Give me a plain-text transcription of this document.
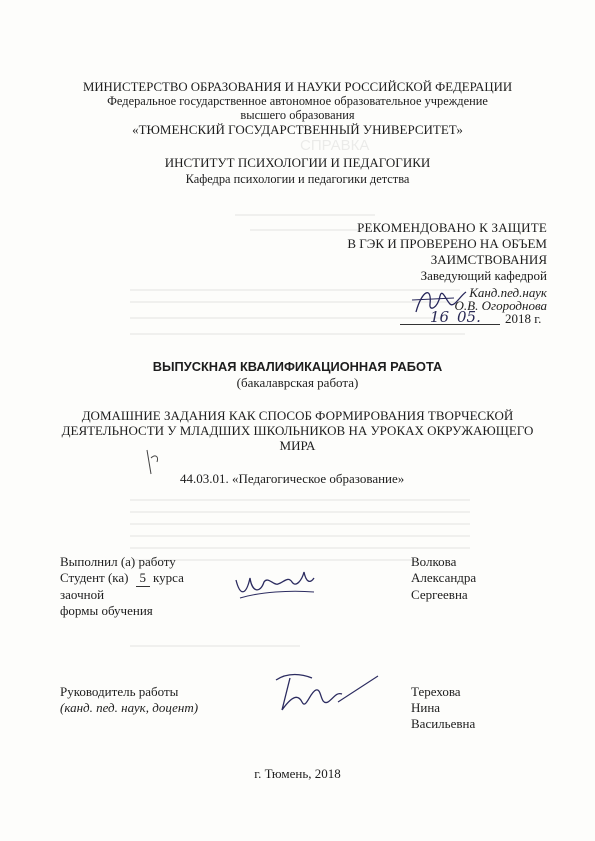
СПРАВКА
МИНИСТЕРСТВО ОБРАЗОВАНИЯ И НАУКИ РОССИЙСКОЙ ФЕДЕРАЦИИ
Федеральное государственное автономное образовательное учреждение
высшего образования
«ТЮМЕНСКИЙ ГОСУДАРСТВЕННЫЙ УНИВЕРСИТЕТ»
ИНСТИТУТ ПСИХОЛОГИИ И ПЕДАГОГИКИ
Кафедра психологии и педагогики детства
РЕКОМЕНДОВАНО К ЗАЩИТЕ
В ГЭК И ПРОВЕРЕНО НА ОБЪЕМ
ЗАИМСТВОВАНИЯ
Заведующий кафедрой
Канд.пед.наук
О.В. Огороднова
16 05. 2018 г.
ВЫПУСКНАЯ КВАЛИФИКАЦИОННАЯ РАБОТА
(бакалаврская работа)
ДОМАШНИЕ ЗАДАНИЯ КАК СПОСОБ ФОРМИРОВАНИЯ ТВОРЧЕСКОЙ
ДЕЯТЕЛЬНОСТИ У МЛАДШИХ ШКОЛЬНИКОВ НА УРОКАХ ОКРУЖАЮЩЕГО
МИРА
44.03.01. «Педагогическое образование»
Выполнил (а) работу
Студент (ка) 5 курса
заочной
формы обучения
Волкова
Александра
Сергеевна
Руководитель работы
(канд. пед. наук, доцент)
Терехова
Нина
Васильевна
г. Тюмень, 2018
